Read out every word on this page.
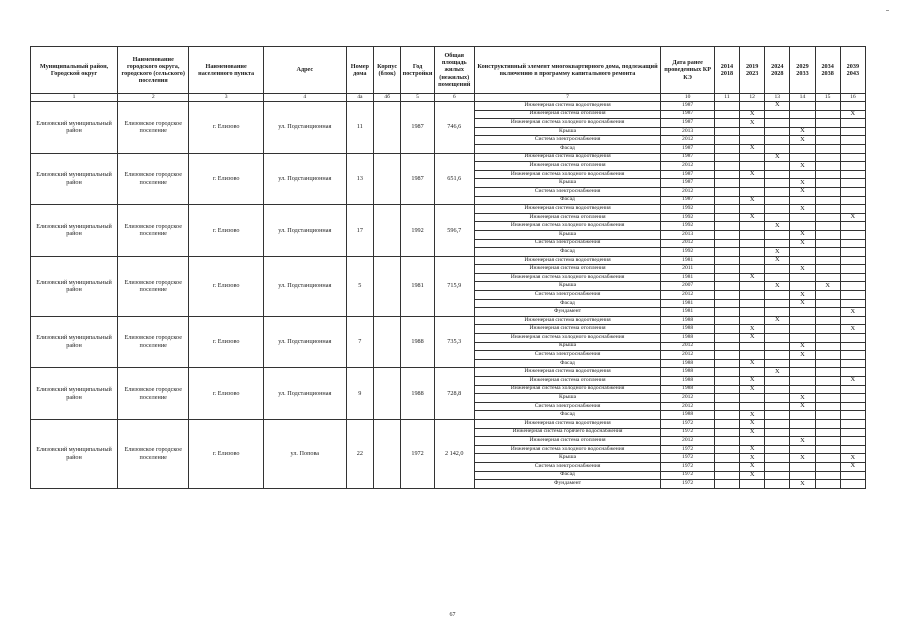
Муниципальный район, Городской округ	Наименование городского округа, городского (сельского) поселения	Наименование населенного пункта	Адрес	Номер дома	Корпус (блок)	Год постройки	Общая площадь жилых (нежилых) помещений	Конструктивный элемент многоквартирного дома, подлежащий включению в программу капитального ремонта	Дата ранее проведенных КР КЭ	2014 2018	2019 2023	2024 2028	2029 2033	2034 2038	2039 2043
1	2	3	4	4а	4б	5	6	7	10	11	12	13	14	15	16
Елизовский муниципальный район	Елизовское городское поселение	г. Елизово	ул. Подстанционная	11		1987	746,6	Инженерная система водоотведения	1987			X			
								Инженерная система отопления	1987		X				X
								Инженерная система холодного водоснабжения	1987		X				
								Крыша	2013				X		
								Система электроснабжения	2012				X		
								Фасад	1987		X				
Елизовский муниципальный район	Елизовское городское поселение	г. Елизово	ул. Подстанционная	13		1987	651,6	Инженерная система водоотведения	1987			X			
								Инженерная система отопления	2012				X		
								Инженерная система холодного водоснабжения	1987		X				
								Крыша	1987				X		
								Система электроснабжения	2012				X		
								Фасад	1987		X				
Елизовский муниципальный район	Елизовское городское поселение	г. Елизово	ул. Подстанционная	17		1992	596,7	Инженерная система водоотведения	1992				X		
								Инженерная система отопления	1992		X				X
								Инженерная система холодного водоснабжения	1992			X			
								Крыша	2013				X		
								Система электроснабжения	2012				X		
								Фасад	1992			X			
Елизовский муниципальный район	Елизовское городское поселение	г. Елизово	ул. Подстанционная	5		1981	715,9	Инженерная система водоотведения	1981			X			
								Инженерная система отопления	2011				X		
								Инженерная система холодного водоснабжения	1981		X				
								Крыша	2007			X		X	
								Система электроснабжения	2012				X		
								Фасад	1981				X		
								Фундамент	1981						X
Елизовский муниципальный район	Елизовское городское поселение	г. Елизово	ул. Подстанционная	7		1988	735,3	Инженерная система водоотведения	1988			X			
								Инженерная система отопления	1988		X				X
								Инженерная система холодного водоснабжения	1988		X				
								Крыша	2012				X		
								Система электроснабжения	2012				X		
								Фасад	1988		X				
Елизовский муниципальный район	Елизовское городское поселение	г. Елизово	ул. Подстанционная	9		1988	728,8	Инженерная система водоотведения	1988			X			
								Инженерная система отопления	1988		X				X
								Инженерная система холодного водоснабжения	1988		X				
								Крыша	2012				X		
								Система электроснабжения	2012				X		
								Фасад	1988		X				
Елизовский муниципальный район	Елизовское городское поселение	г. Елизово	ул. Попова	22		1972	2 142,0	Инженерная система водоотведения	1972		X				
								Инженерная система горячего водоснабжения	1972		X				
								Инженерная система отопления	2012				X		
								Инженерная система холодного водоснабжения	1972		X				
								Крыша	1972		X		X		X
								Система электроснабжения	1972		X				X
								Фасад	1972		X				
								Фундамент	1972				X		
67
